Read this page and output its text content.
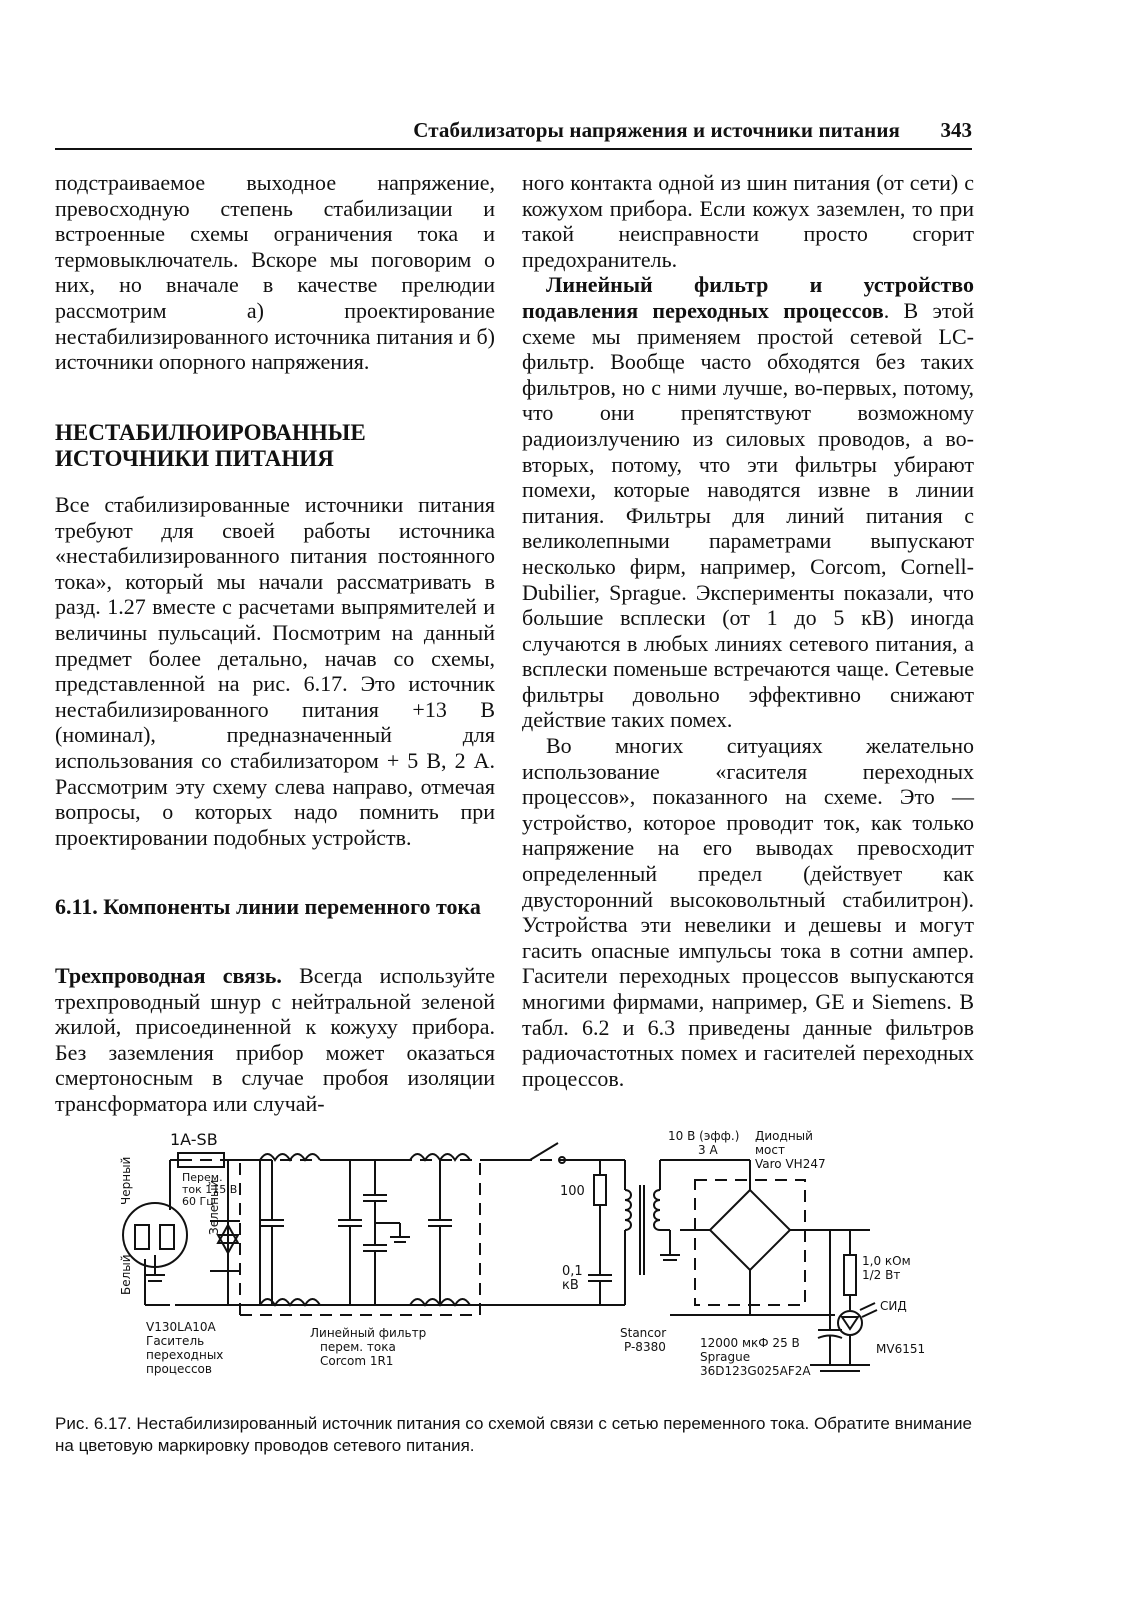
Стабилизаторы напряжения и источники питания 343

подстраиваемое выходное напряжение, превосходную степень стабилизации и встроенные схемы ограничения тока и термовыключатель. Вскоре мы поговорим о них, но вначале в качестве прелюдии рассмотрим а) проектирование нестабилизированного источника питания и б) источники опорного напряжения.

НЕСТАБИЛЮИРОВАННЫЕ ИСТОЧНИКИ ПИТАНИЯ

Все стабилизированные источники питания требуют для своей работы источника «нестабилизированного питания постоянного тока», который мы начали рассматривать в разд. 1.27 вместе с расчетами выпрямителей и величины пульсаций. Посмотрим на данный предмет более детально, начав со схемы, представленной на рис. 6.17. Это источник нестабилизированного питания +13 В (номинал), предназначенный для использования со стабилизатором + 5 В, 2 А. Рассмотрим эту схему слева направо, отмечая вопросы, о которых надо помнить при проектировании подобных устройств.

6.11. Компоненты линии переменного тока

Трехпроводная связь. Всегда используйте трехпроводный шнур с нейтральной зеленой жилой, присоединенной к кожуху прибора. Без заземления прибор может оказаться смертоносным в случае пробоя изоляции трансформатора или случай-

ного контакта одной из шин питания (от сети) с кожухом прибора. Если кожух заземлен, то при такой неисправности просто сгорит предохранитель.

Линейный фильтр и устройство подавления переходных процессов. В этой схеме мы применяем простой сетевой LC-фильтр. Вообще часто обходятся без таких фильтров, но с ними лучше, во-первых, потому, что они препятствуют возможному радиоизлучению из силовых проводов, а во-вторых, потому, что эти фильтры убирают помехи, которые наводятся извне в линии питания. Фильтры для линий питания с великолепными параметрами выпускают несколько фирм, например, Corcom, Cornell-Dubilier, Sprague. Эксперименты показали, что большие всплески (от 1 до 5 кВ) иногда случаются в любых линиях сетевого питания, а всплески поменьше встречаются чаще. Сетевые фильтры довольно эффективно снижают действие таких помех.

Во многих ситуациях желательно использование «гасителя переходных процессов», показанного на схеме. Это — устройство, которое проводит ток, как только напряжение на его выводах превосходит определенный предел (действует как двусторонний высоковольтный стабилитрон). Устройства эти невелики и дешевы и могут гасить опасные импульсы тока в сотни ампер. Гасители переходных процессов выпускаются многими фирмами, например, GE и Siemens. В табл. 6.2 и 6.3 приведены данные фильтров радиочастотных помех и гасителей переходных процессов.

1A-SB
Перем.
ток 115 В
60 Гц
Черный
Белый
Зеленый
V130LA10A
Гаситель
переходных
процессов
Линейный фильтр
перем. тока
Corcom 1R1
100
0,1
кВ
Stancor
P-8380
10 В (эфф.)
3 А
Диодный
мост
Varo VH247
12000 мкФ 25 В
Sprague
36D123G025AF2A
1,0 кОм
1/2 Вт
СИД
MV6151
Рис. 6.17. Нестабилизированный источник питания со схемой связи с сетью переменного тока. Обратите внимание на цветовую маркировку проводов сетевого питания.
